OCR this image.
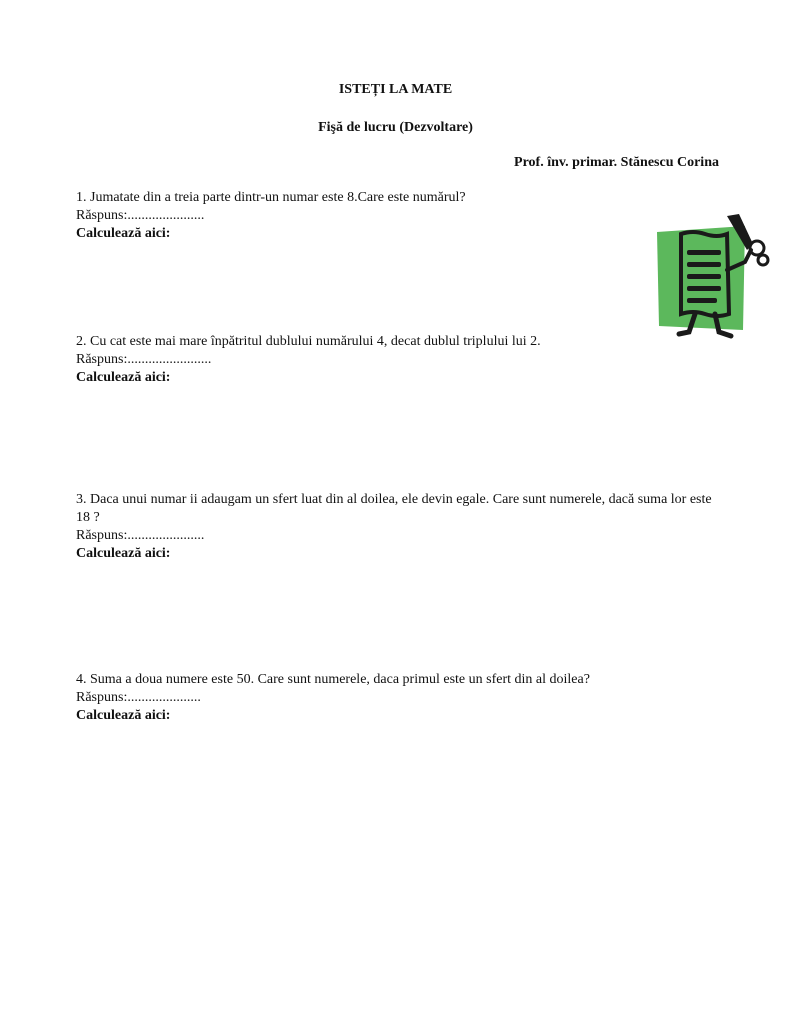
ISTEȚI LA MATE
Fişă de lucru (Dezvoltare)
Prof. înv. primar. Stănescu Corina
1. Jumatate din a treia parte dintr-un numar este 8.Care este numărul?
Răspuns:......................
Calculează aici:
2. Cu cat este mai mare înpătritul dublului numărului 4, decat dublul triplului lui 2.
Răspuns:........................
Calculează aici:
3. Daca unui numar ii adaugam un sfert luat din al doilea, ele devin egale. Care sunt numerele, dacă suma lor este 18 ?
Răspuns:......................
Calculează aici:
4. Suma a doua numere este 50. Care sunt numerele, daca primul este un sfert din al doilea?
Răspuns:.....................
Calculează aici:
